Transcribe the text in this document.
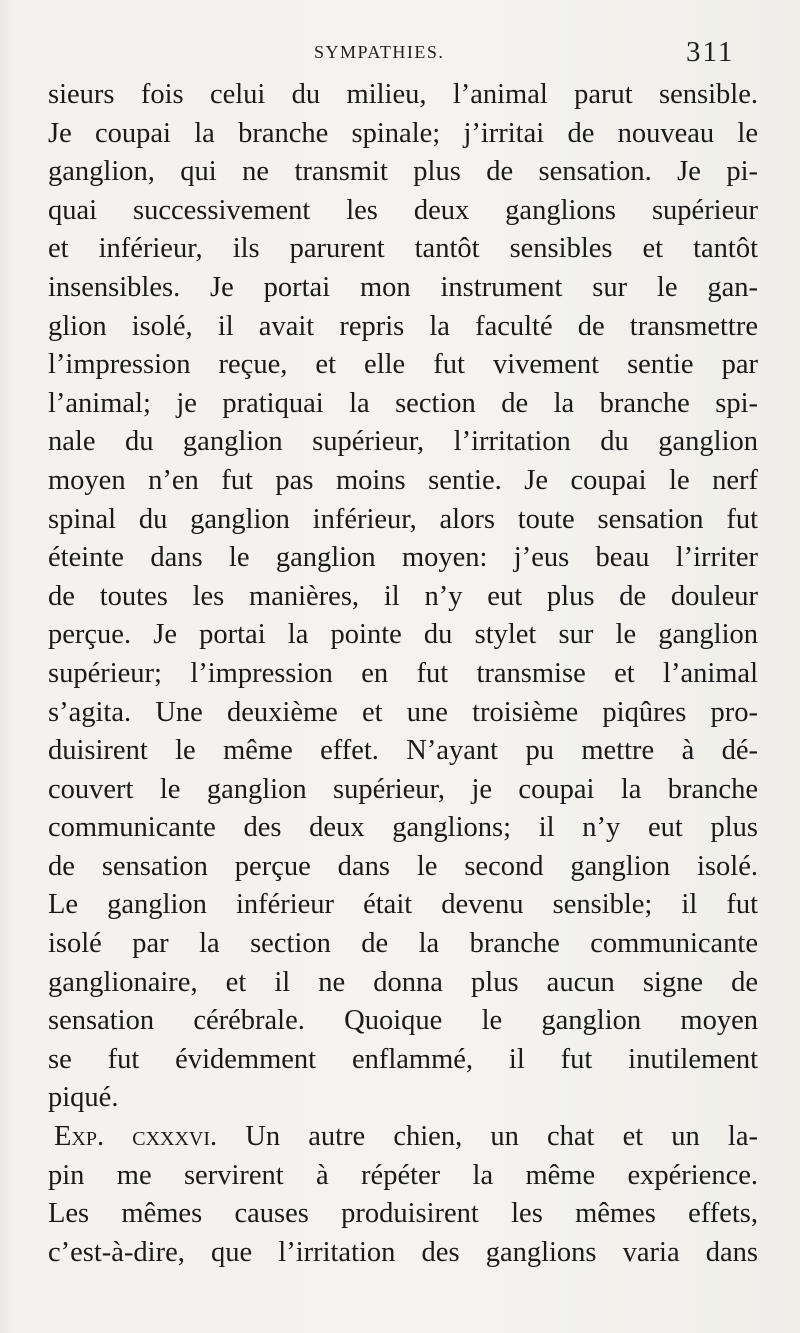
SYMPATHIES.	311
sieurs fois celui du milieu, l’animal parut sensible.
Je coupai la branche spinale; j’irritai de nouveau le
ganglion, qui ne transmit plus de sensation. Je pi-
quai successivement les deux ganglions supérieur
et inférieur, ils parurent tantôt sensibles et tantôt
insensibles. Je portai mon instrument sur le gan-
glion isolé, il avait repris la faculté de transmettre
l’impression reçue, et elle fut vivement sentie par
l’animal; je pratiquai la section de la branche spi-
nale du ganglion supérieur, l’irritation du ganglion
moyen n’en fut pas moins sentie. Je coupai le nerf
spinal du ganglion inférieur, alors toute sensation fut
éteinte dans le ganglion moyen: j’eus beau l’irriter
de toutes les manières, il n’y eut plus de douleur
perçue. Je portai la pointe du stylet sur le ganglion
supérieur; l’impression en fut transmise et l’animal
s’agita. Une deuxième et une troisième piqûres pro-
duisirent le même effet. N’ayant pu mettre à dé-
couvert le ganglion supérieur, je coupai la branche
communicante des deux ganglions; il n’y eut plus
de sensation perçue dans le second ganglion isolé.
Le ganglion inférieur était devenu sensible; il fut
isolé par la section de la branche communicante
ganglionaire, et il ne donna plus aucun signe de
sensation cérébrale. Quoique le ganglion moyen
se fut évidemment enflammé, il fut inutilement
piqué.
Exp. cxxxvi. Un autre chien, un chat et un la-
pin me servirent à répéter la même expérience.
Les mêmes causes produisirent les mêmes effets,
c’est-à-dire, que l’irritation des ganglions varia dans
